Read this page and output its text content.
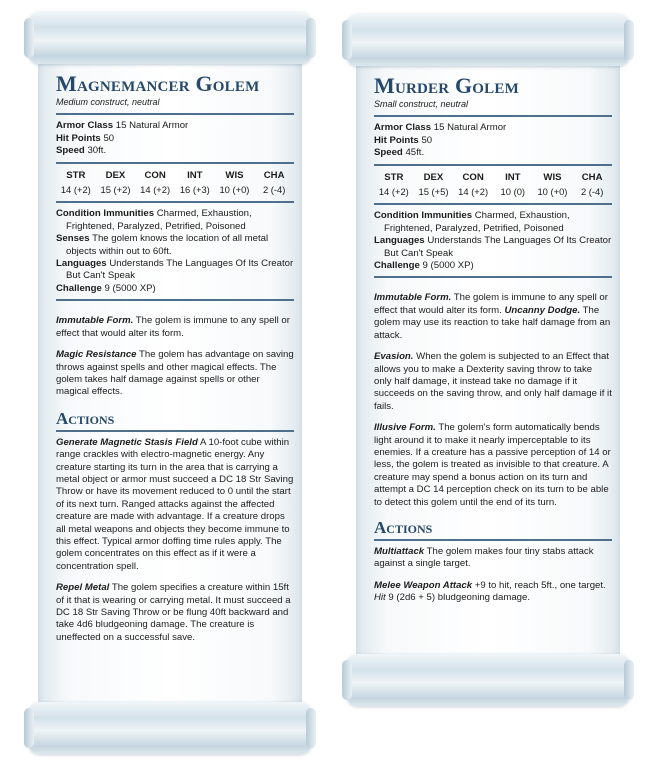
Magnemancer Golem

Medium construct, neutral

Armor Class 15 Natural Armor

Hit Points 50

Speed 30ft.

STR	DEX	CON	INT	WIS	CHA
14 (+2)	15 (+2)	14 (+2)	16 (+3)	10 (+0)	2 (-4)

Condition Immunities Charmed, Exhaustion, Frightened, Paralyzed, Petrified, Poisoned

Senses The golem knows the location of all metal objects within out to 60ft.

Languages Understands The Languages Of Its Creator But Can't Speak

Challenge 9 (5000 XP)

Immutable Form. The golem is immune to any spell or effect that would alter its form.

Magic Resistance The golem has advantage on saving throws against spells and other magical effects. The golem takes half damage against spells or other magical effects.

Actions

Generate Magnetic Stasis Field A 10-foot cube within range crackles with electro-magnetic energy. Any creature starting its turn in the area that is carrying a metal object or armor must succeed a DC 18 Str Saving Throw or have its movement reduced to 0 until the start of its next turn. Ranged attacks against the affected creature are made with advantage. If a creature drops all metal weapons and objects they become immune to this effect. Typical armor doffing time rules apply. The golem concentrates on this effect as if it were a concentration spell.

Repel Metal The golem specifies a creature within 15ft of it that is wearing or carrying metal. It must succeed a DC 18 Str Saving Throw or be flung 40ft backward and take 4d6 bludgeoning damage. The creature is uneffected on a successful save.

Murder Golem

Small construct, neutral

Armor Class 15 Natural Armor

Hit Points 50

Speed 45ft.

STR	DEX	CON	INT	WIS	CHA
14 (+2)	15 (+5)	14 (+2)	10 (0)	10 (+0)	2 (-4)

Condition Immunities Charmed, Exhaustion, Frightened, Paralyzed, Petrified, Poisoned

Languages Understands The Languages Of Its Creator But Can't Speak

Challenge 9 (5000 XP)

Immutable Form. The golem is immune to any spell or effect that would alter its form. Uncanny Dodge. The golem may use its reaction to take half damage from an attack.

Evasion. When the golem is subjected to an Effect that allows you to make a Dexterity saving throw to take only half damage, it instead take no damage if it succeeds on the saving throw, and only half damage if it fails.

Illusive Form. The golem's form automatically bends light around it to make it nearly imperceptable to its enemies. If a creature has a passive perception of 14 or less, the golem is treated as invisible to that creature. A creature may spend a bonus action on its turn and attempt a DC 14 perception check on its turn to be able to detect this golem until the end of its turn.

Actions

Multiattack The golem makes four tiny stabs attack against a single target.

Melee Weapon Attack +9 to hit, reach 5ft., one target. Hit 9 (2d6 + 5) bludgeoning damage.
